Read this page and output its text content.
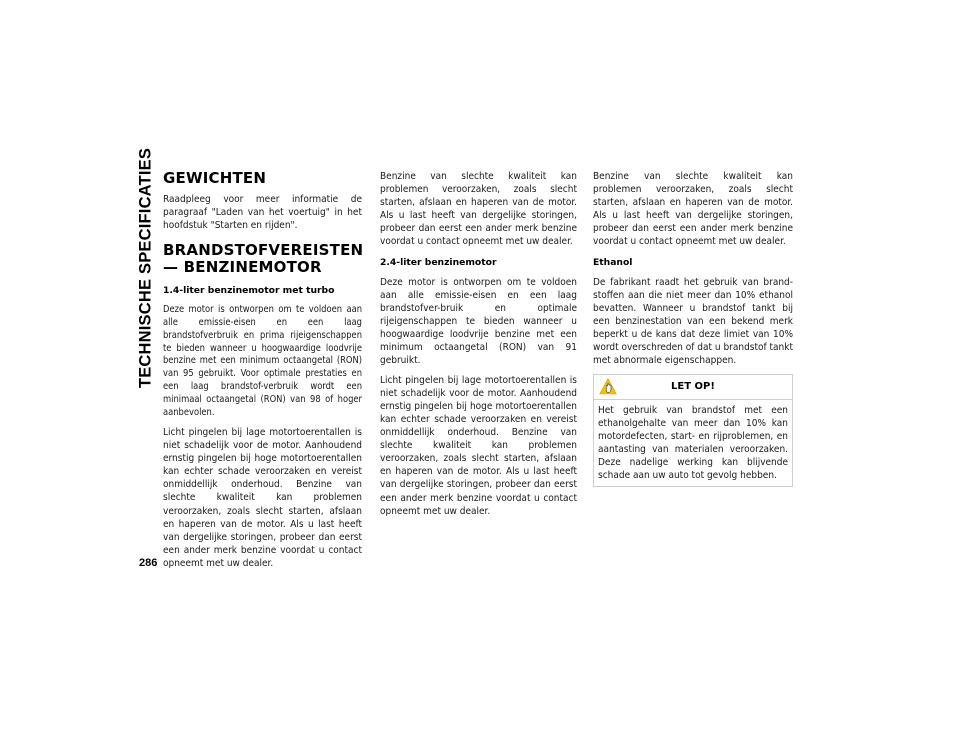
TECHNISCHE SPECIFICATIES
286
GEWICHTEN

Raadpleeg voor meer informatie de paragraaf "Laden van het voertuig" in het hoofdstuk "Starten en rijden".

BRANDSTOFVEREISTEN — BENZINEMOTOR
1.4-liter benzinemotor met turbo

Deze motor is ontworpen om te voldoen aan alle emissie-eisen en een laag brandstofverbruik en prima rijeigenschappen te bieden wanneer u hoogwaardige loodvrije benzine met een minimum octaangetal (RON) van 95 gebruikt. Voor optimale prestaties en een laag brandstof-verbruik wordt een minimaal octaangetal (RON) van 98 of hoger aanbevolen.

Licht pingelen bij lage motortoerentallen is niet schadelijk voor de motor. Aanhoudend ernstig pingelen bij hoge motortoerentallen kan echter schade veroorzaken en vereist onmiddellijk onderhoud. Benzine van slechte kwaliteit kan problemen veroorzaken, zoals slecht starten, afslaan en haperen van de motor. Als u last heeft van dergelijke storingen, probeer dan eerst een ander merk benzine voordat u contact opneemt met uw dealer.

Benzine van slechte kwaliteit kan problemen veroorzaken, zoals slecht starten, afslaan en haperen van de motor. Als u last heeft van dergelijke storingen, probeer dan eerst een ander merk benzine voordat u contact opneemt met uw dealer.

2.4-liter benzinemotor

Deze motor is ontworpen om te voldoen aan alle emissie-eisen en een laag brandstofver-bruik en optimale rijeigenschappen te bieden wanneer u hoogwaardige loodvrije benzine met een minimum octaangetal (RON) van 91 gebruikt.

Licht pingelen bij lage motortoerentallen is niet schadelijk voor de motor. Aanhoudend ernstig pingelen bij hoge motortoerentallen kan echter schade veroorzaken en vereist onmiddellijk onderhoud. Benzine van slechte kwaliteit kan problemen veroorzaken, zoals slecht starten, afslaan en haperen van de motor. Als u last heeft van dergelijke storingen, probeer dan eerst een ander merk benzine voordat u contact opneemt met uw dealer.

Benzine van slechte kwaliteit kan problemen veroorzaken, zoals slecht starten, afslaan en haperen van de motor. Als u last heeft van dergelijke storingen, probeer dan eerst een ander merk benzine voordat u contact opneemt met uw dealer.

Ethanol

De fabrikant raadt het gebruik van brand-stoffen aan die niet meer dan 10% ethanol bevatten. Wanneer u brandstof tankt bij een benzinestation van een bekend merk beperkt u de kans dat deze limiet van 10% wordt overschreden of dat u brandstof tankt met abnormale eigenschappen.

LET OP!
Het gebruik van brandstof met een ethanolgehalte van meer dan 10% kan motordefecten, start- en rijproblemen, en aantasting van materialen veroorzaken. Deze nadelige werking kan blijvende schade aan uw auto tot gevolg hebben.
